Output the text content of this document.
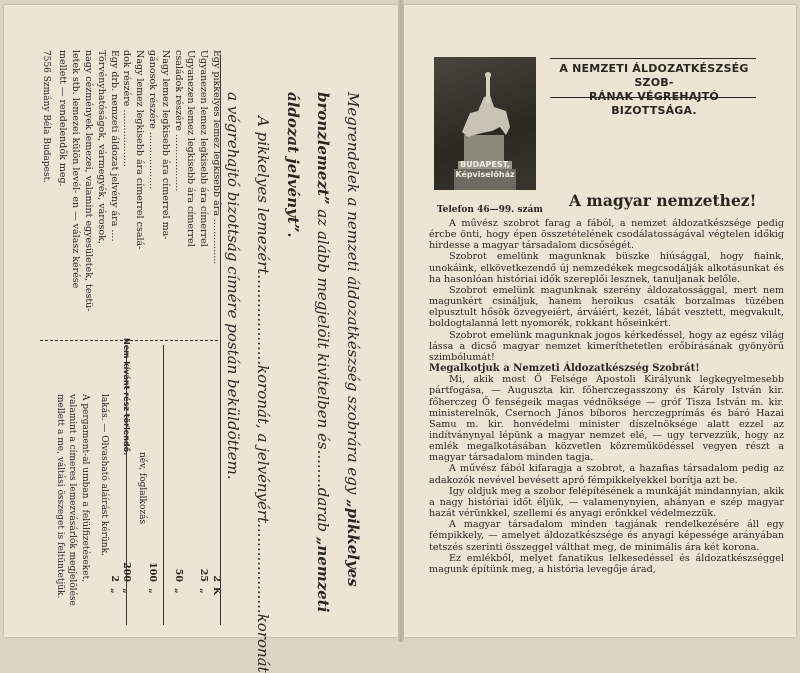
Megrendelek a nemzeti áldozatkészség szobrára egy „pikkelyes
bronzlemezt” az alább megjelölt kivitelben és........darab „nemzeti
áldozat jelvényt”.
A pikkelyes lemezért...................koronát, a jelvényért...................koronát
a végrehajtó bizottság címére postán beküldöttem.
Egy pikkelyes lemez legkisebb ára ...............
2
K
Ugyanezen lemez legkisebb ára címerrel
25
„
Ugyanezen lemez legkisebb ára címerrel
családok részére ...................
50
„
Nagy lemez legkisebb ára címerrel ma-
gánosok részére ...................
100
„
Nagy lemez legkisebb ára címerrel csalá-
dok részére ...................
200
„
Egy drb. nemzeti áldozat jelvény ára ....
2
„
Törvényhatóságok, vármegyék, városok,
nagy cézmények lemezei, valamint egyesületek, testü-
letek stb. lemezei külön levél- en — válasz kérése
mellett — rendelendők meg.
7556 Szmány Béla Budapest.
Nem kívánt rész törlendő.
név, foglalkozás
lakás. — Olvasható aláírást kérünk.
A pergament-al umban a felülfizetéseket,
valamint a címeres lemezvásárlók megjelölése
mellett a me, váltási összeget is feltüntetjük.
BUDAPEST,
Képviselőház
A NEMZETI ÁLDOZATKÉSZSÉG SZOB-
RÁNAK VÉGREHAJTÓ BIZOTTSÁGA.
Telefon 46—99. szám A magyar nemzethez!

A művész szobrot farag a fából, a nemzet áldozatkészsége pedig ércbe önti, hogy épen összetételének csodálatosságával végtelen időkig hirdesse a magyar társadalom dicsőségét.

Szobrot emelünk magunknak büszke hiúsággal, hogy fiaink, unokáink, elkövetkezendő új nemzedékek megcsodálják alkotásunkat és ha hasonlóan históriai idők szereplői lesznek, tanuljanak belőle.

Szobrot emelünk magunknak szerény áldozatossággal, mert nem magunkért csináljuk, hanem heroikus csaták borzalmas tüzében elpusztult hősök özvegyeiért, árváiért, kezét, lábát vesztett, megvakult, boldogtalanná lett nyomorék, rokkant hőseinkért.

Szobrot emelünk magunknak jogos kérkedéssel, hogy az egész világ lássa a dicső magyar nemzet kimeríthetetlen erőbírásának gyönyörű szimbólumát!

Megalkotjuk a Nemzeti Áldozatkészség Szobrát!

Mi, akik most Ő Felsége Apostoli Királyunk legkegyelmesebb pártfogása, — Auguszta kir. főherczegasszony és Károly István kir. főherczeg Ő fenségeik magas védnöksége — gróf Tisza István m. kir. ministerelnök, Csernoch János bíboros herczegprímás és báró Hazai Samu m. kir. honvédelmi minister díszelnöksége alatt ezzel az indítványnyal lépünk a magyar nemzet elé, — ugy tervezzük, hogy az emlék megalkotásában közvetlen közreműködéssel vegyen részt a magyar társadalom minden tagja.

A művész fából kifaragja a szobrot, a hazafias társadalom pedig az adakozók nevével bevésett apró fémpikkelyekkel borítja azt be.

Igy oldjuk meg a szobor felépítésének a munkáját mindannyian, akik a nagy históriai időt éljük, — valamenynyien, ahányan e szép magyar hazát vérünkkel, szellemi és anyagi erőnkkel védelmezzük.

A magyar társadalom minden tagjának rendelkezésére áll egy fémpikkely, — amelyet áldozatkészsége és anyagi képessége arányában tetszés szerinti összeggel válthat meg, de minimális ára két korona.

Ez emlékből, melyet fanatikus lelkesedéssel és áldozatkészséggel magunk építünk meg, a história levegője árad,
